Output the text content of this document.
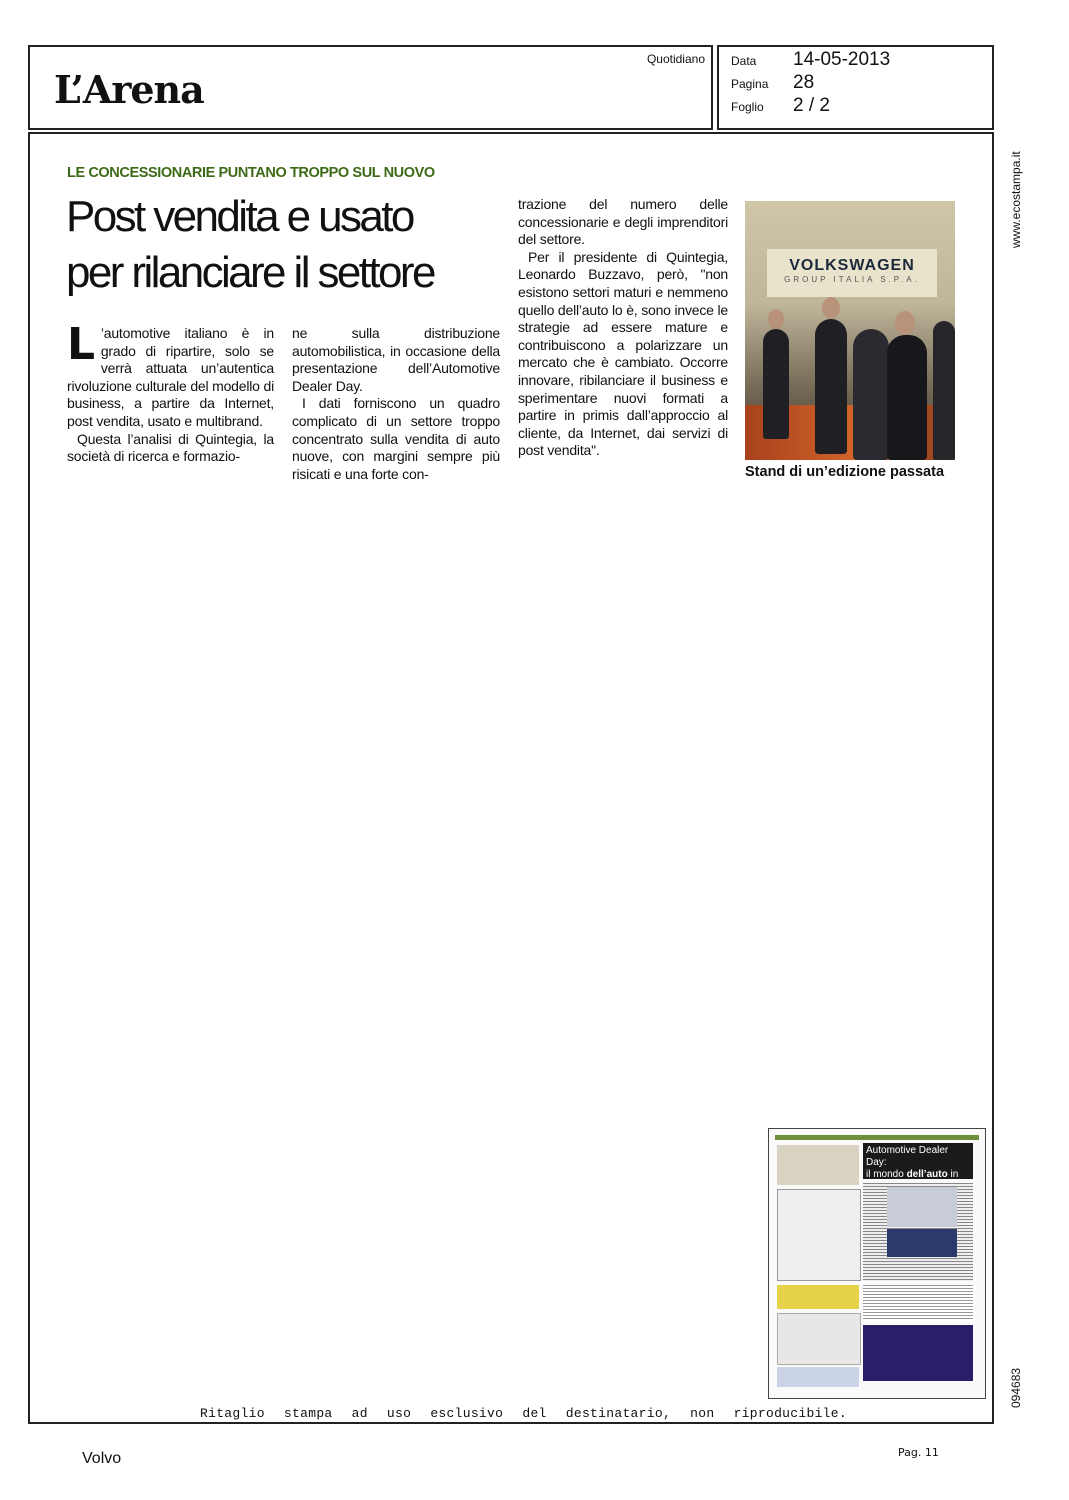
L’Arena
Quotidiano Data 14-05-2013
Pagina 28
Foglio 2 / 2
LE CONCESSIONARIE PUNTANO TROPPO SUL NUOVO
Post vendita e usato
per rilanciare il settore

L ’automotive italiano è in grado di ripartire, solo se verrà attuata un’autentica rivoluzione culturale del modello di business, a partire da Internet, post vendita, usato e multibrand.

Questa l’analisi di Quintegia, la società di ricerca e formazio-

ne sulla distribuzione automobilistica, in occasione della presentazione dell’Automotive Dealer Day.

I dati forniscono un quadro complicato di un settore troppo concentrato sulla vendita di auto nuove, con margini sempre più risicati e una forte con-

trazione del numero delle concessionarie e degli imprenditori del settore.

Per il presidente di Quintegia, Leonardo Buzzavo, però, "non esistono settori maturi e nemmeno quello dell’auto lo è, sono invece le strategie ad essere mature e contribuiscono a polarizzare un mercato che è cambiato. Occorre innovare, ribilanciare il business e sperimentare nuovi formati a partire in primis dall’approccio al cliente, da Internet, dai servizi di post vendita".

VOLKSWAGEN
GROUP ITALIA S.P.A.
Stand di un’edizione passata
Automotive Dealer Day:
il mondo dell’auto in
Ritaglio stampa ad uso esclusivo del destinatario, non riproducibile.
www.ecostampa.it
094683
Volvo	Pag. 11
